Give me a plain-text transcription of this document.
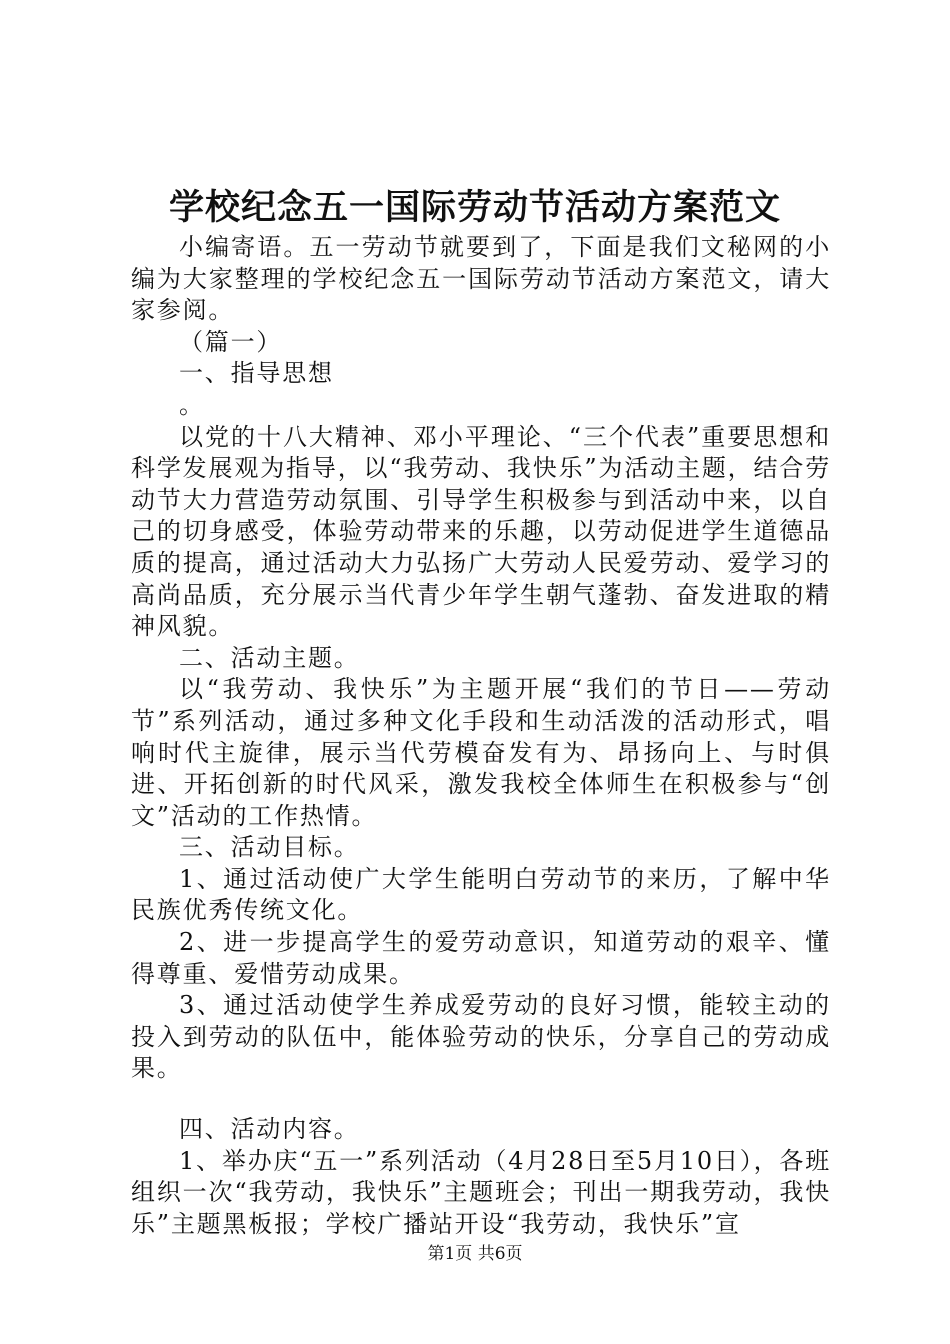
学校纪念五一国际劳动节活动方案范文

小编寄语。五一劳动节就要到了，下面是我们文秘网的小编为大家整理的学校纪念五一国际劳动节活动方案范文，请大家参阅。

（篇一）

一、指导思想

。

以党的十八大精神、邓小平理论、“三个代表”重要思想和科学发展观为指导，以“我劳动、我快乐”为活动主题，结合劳动节大力营造劳动氛围、引导学生积极参与到活动中来，以自己的切身感受，体验劳动带来的乐趣，以劳动促进学生道德品质的提高，通过活动大力弘扬广大劳动人民爱劳动、爱学习的高尚品质，充分展示当代青少年学生朝气蓬勃、奋发进取的精神风貌。

二、活动主题。

以“我劳动、我快乐”为主题开展“我们的节日——劳动节”系列活动，通过多种文化手段和生动活泼的活动形式，唱响时代主旋律，展示当代劳模奋发有为、昂扬向上、与时俱进、开拓创新的时代风采，激发我校全体师生在积极参与“创文”活动的工作热情。

三、活动目标。

1、通过活动使广大学生能明白劳动节的来历，了解中华民族优秀传统文化。

2、进一步提高学生的爱劳动意识，知道劳动的艰辛、懂得尊重、爱惜劳动成果。

3、通过活动使学生养成爱劳动的良好习惯，能较主动的投入到劳动的队伍中，能体验劳动的快乐，分享自己的劳动成果。

四、活动内容。

1、举办庆“五一”系列活动（4月28日至5月10日），各班组织一次“我劳动，我快乐”主题班会；刊出一期我劳动，我快乐”主题黑板报；学校广播站开设“我劳动，我快乐”宣

第1页 共6页
